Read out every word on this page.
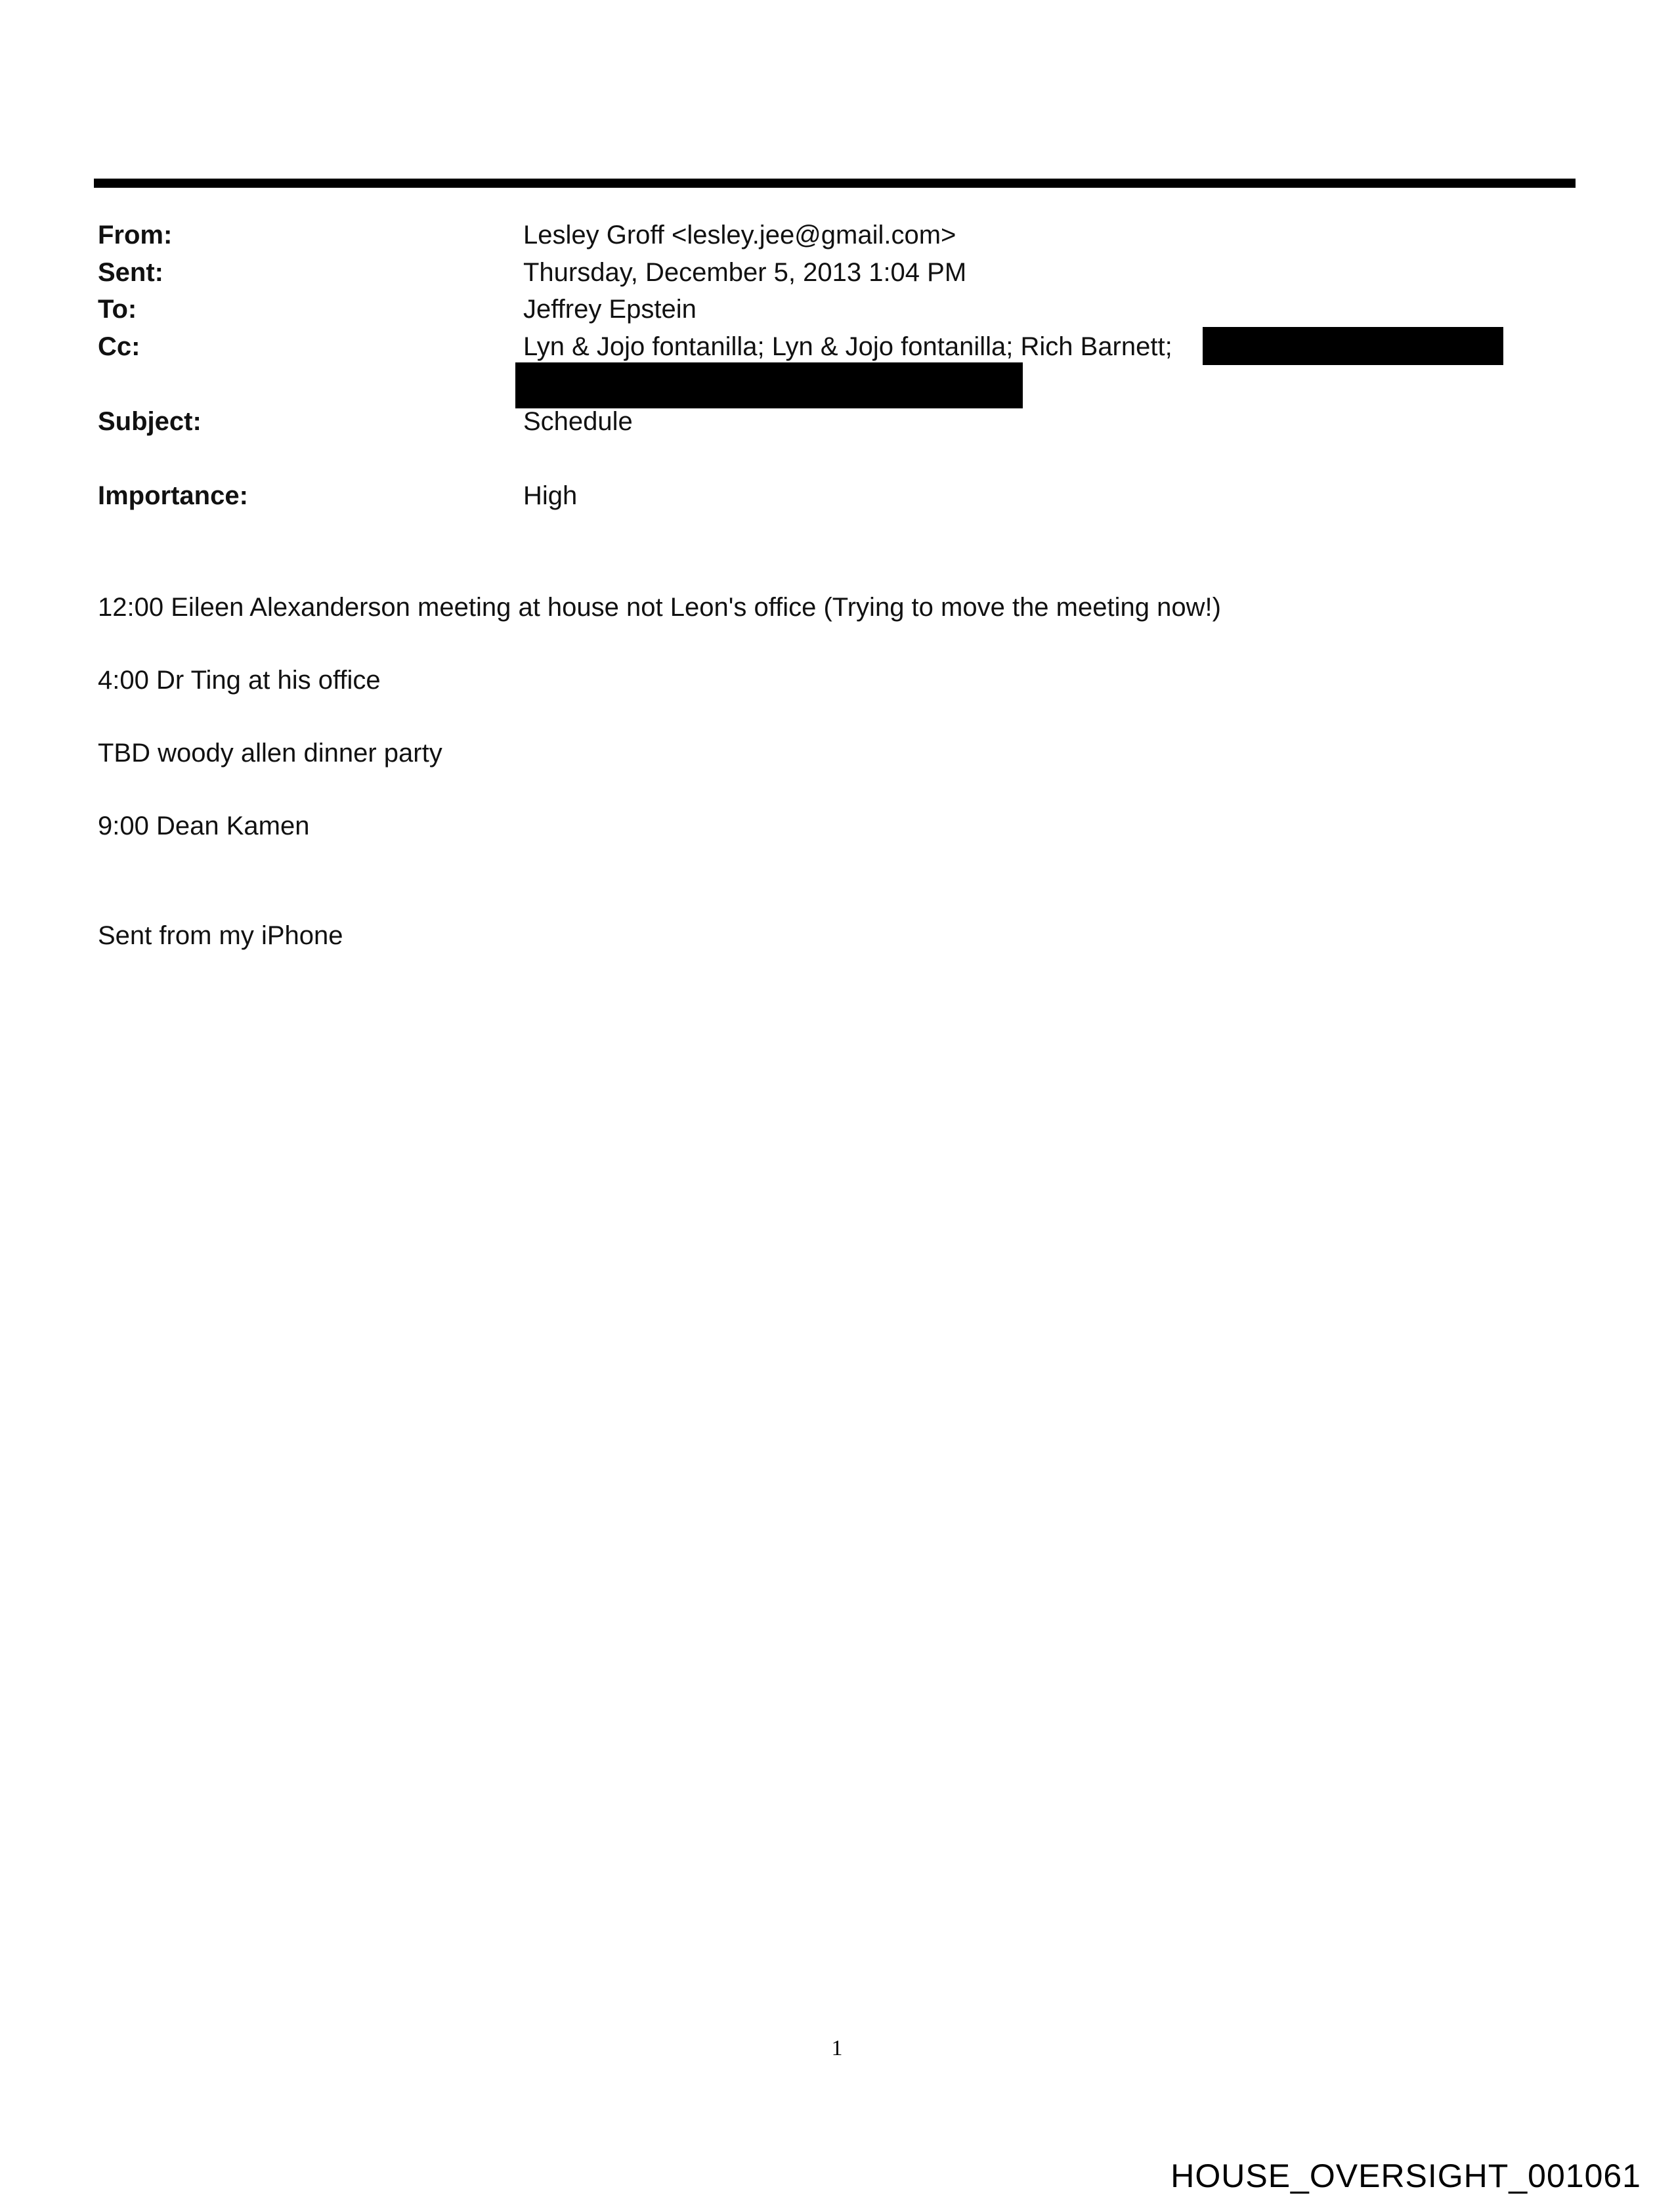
From:	Lesley Groff <lesley.jee@gmail.com>
Sent:	Thursday, December 5, 2013 1:04 PM
To:	Jeffrey Epstein
Cc:	Lyn & Jojo fontanilla; Lyn & Jojo fontanilla; Rich Barnett;
Subject:	Schedule
Importance:	High
12:00 Eileen Alexanderson meeting at house not Leon's office (Trying to move the meeting now!)
4:00 Dr Ting at his office
TBD woody allen dinner party
9:00 Dean Kamen
Sent from my iPhone
1
HOUSE_OVERSIGHT_001061
